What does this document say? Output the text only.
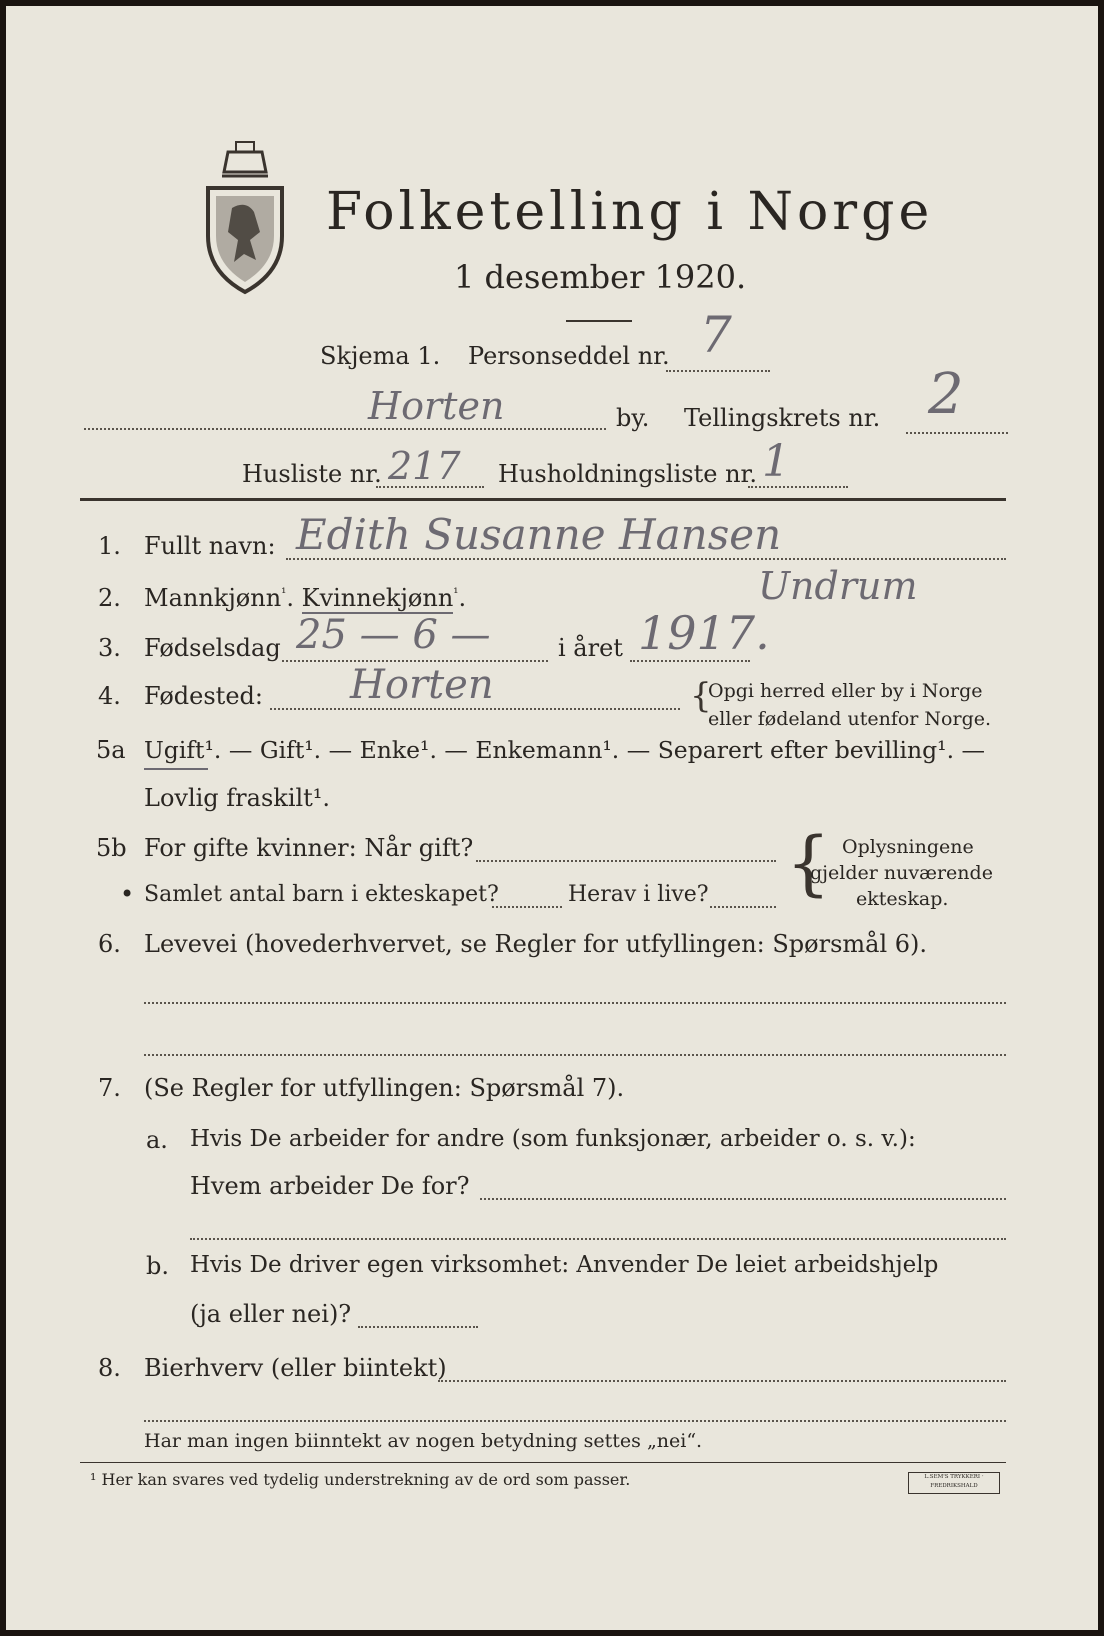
Folketelling i Norge
1 desember 1920.
Skjema 1. Personseddel nr. 7
Horten	by. Tellingskrets nr. 2
Husliste nr. 217 Husholdningsliste nr. 1
1. Fullt navn: Edith Susanne Hansen
Undrum
2. Mannkjønn$^{^1}$. Kvinnekjønn$^{^1}$.
3. Fødselsdag 25 — 6 —	i året 1917.
4. Fødested: Horten	{
Opgi herred eller by i Norge
eller fødeland utenfor Norge.
5a Ugift¹. — Gift¹. — Enke¹. — Enkemann¹. — Separert efter bevilling¹. —
Lovlig fraskilt¹.
5b For gifte kvinner: Når gift?
• Samlet antal barn i ekteskapet?	Herav i live? { Oplysningene
gjelder nuværende
ekteskap.
6. Levevei (hovederhvervet, se Regler for utfyllingen: Spørsmål 6).
7. (Se Regler for utfyllingen: Spørsmål 7).
a. Hvis De arbeider for andre (som funksjonær, arbeider o. s. v.):
Hvem arbeider De for?
b. Hvis De driver egen virksomhet: Anvender De leiet arbeidshjelp
(ja eller nei)?
8. Bierhverv (eller biintekt)
Har man ingen biinntekt av nogen betydning settes „nei“.
¹ Her kan svares ved tydelig understrekning av de ord som passer.	L.SEM'S TRYKKERI · FREDRIKSHALD
